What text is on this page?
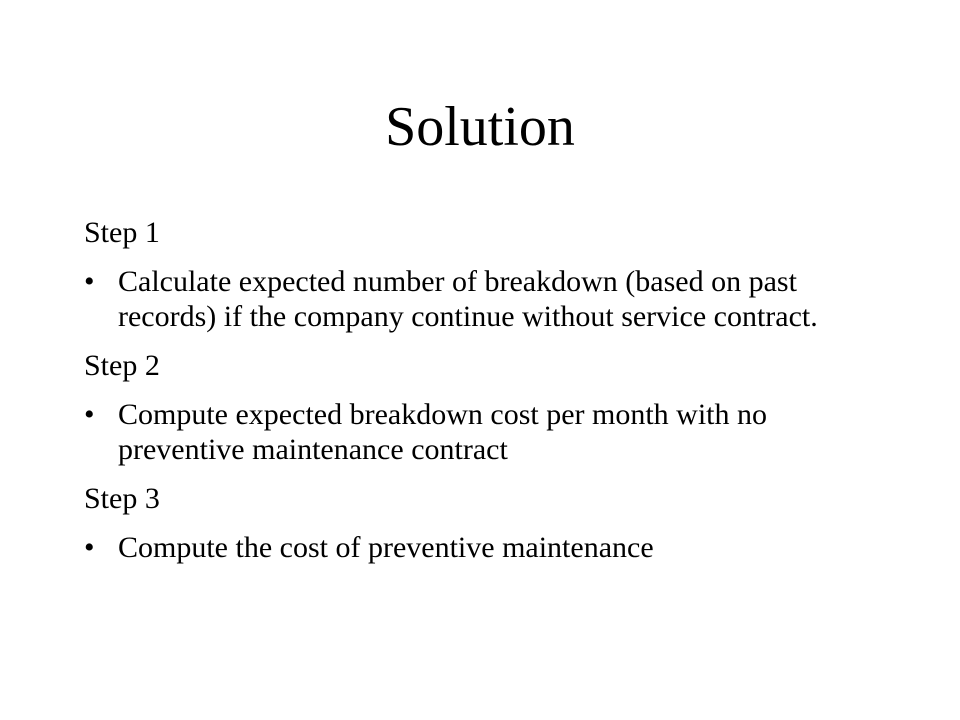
Solution
Step 1
• Calculate expected number of breakdown (based on past records) if the company continue without service contract.
Step 2
• Compute expected breakdown cost per month with no preventive maintenance contract
Step 3
• Compute the cost of preventive maintenance
